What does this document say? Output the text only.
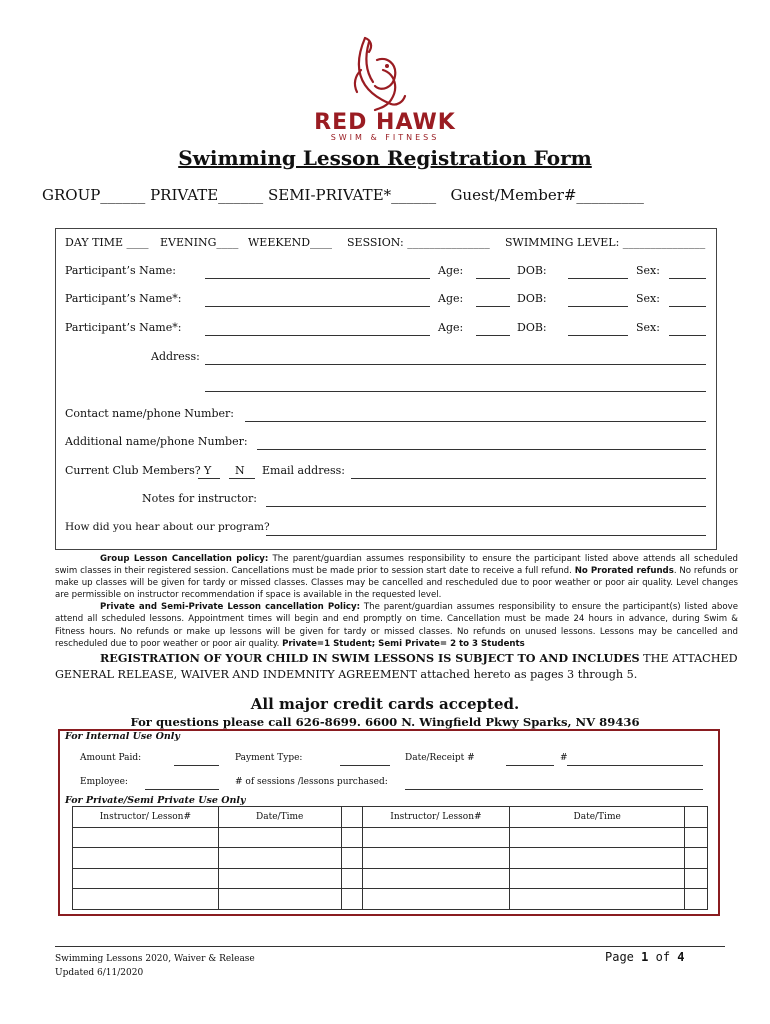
RED HAWK
SWIM & FITNESS
Swimming Lesson Registration Form
GROUP______ PRIVATE______ SEMI-PRIVATE*______ Guest/Member#_________
DAY TIME ____ EVENING____ WEEKEND____ SESSION: _______________ SWIMMING LEVEL: _______________
Participant’s Name:	Age:	DOB:	Sex:
Participant’s Name*:	Age:	DOB:	Sex:
Participant’s Name*:	Age:	DOB:	Sex:
Address:
Contact name/phone Number:
Additional name/phone Number:
Current Club Members? Y N Email address:
Notes for instructor:
How did you hear about our program?

Group Lesson Cancellation policy: The parent/guardian assumes responsibility to ensure the participant listed above attends all scheduled swim classes in their registered session. Cancellations must be made prior to session start date to receive a full refund. No Prorated refunds. No refunds or make up classes will be given for tardy or missed classes. Classes may be cancelled and rescheduled due to poor weather or poor air quality. Level changes are permissible on instructor recommendation if space is available in the requested level.

Private and Semi-Private Lesson cancellation Policy: The parent/guardian assumes responsibility to ensure the participant(s) listed above attend all scheduled lessons. Appointment times will begin and end promptly on time. Cancellation must be made 24 hours in advance, during Swim & Fitness hours. No refunds or make up lessons will be given for tardy or missed classes. No refunds on unused lessons. Lessons may be cancelled and rescheduled due to poor weather or poor air quality. Private=1 Student; Semi Private= 2 to 3 Students

REGISTRATION OF YOUR CHILD IN SWIM LESSONS IS SUBJECT TO AND INCLUDES THE ATTACHED GENERAL RELEASE, WAIVER AND INDEMNITY AGREEMENT attached hereto as pages 3 through 5.
All major credit cards accepted.
For questions please call 626-8699. 6600 N. Wingfield Pkwy Sparks, NV 89436
For Internal Use Only
Amount Paid:	Payment Type:	Date/Receipt #	#
Employee:	# of sessions /lessons purchased:
For Private/Semi Private Use Only
Instructor/ Lesson#	Date/Time		Instructor/ Lesson#	Date/Time	

Swimming Lessons 2020, Waiver & Release
Updated 6/11/2020
Page 1 of 4
